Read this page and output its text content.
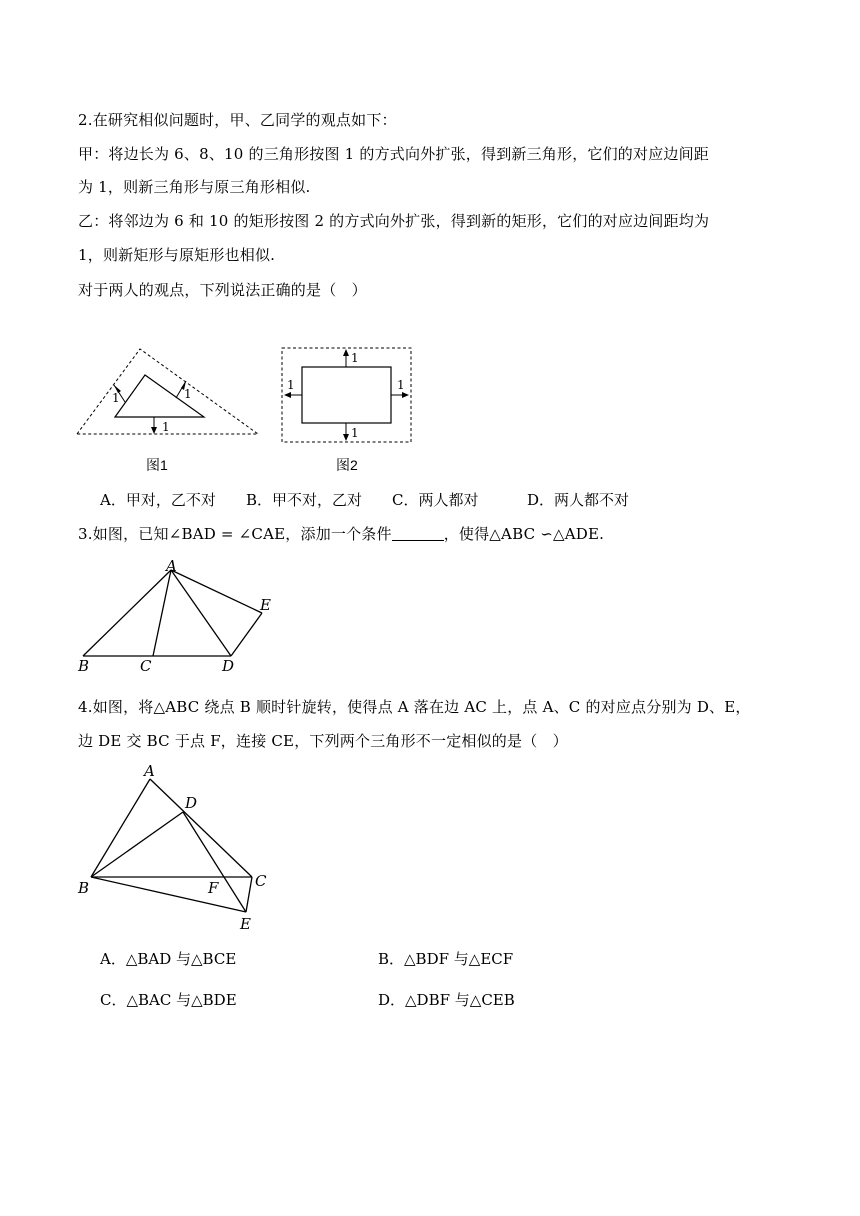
2.在研究相似问题时，甲、乙同学的观点如下：
甲：将边长为 6、8、10 的三角形按图 1 的方式向外扩张，得到新三角形，它们的对应边间距
为 1，则新三角形与原三角形相似.
乙：将邻边为 6 和 10 的矩形按图 2 的方式向外扩张，得到新的矩形，它们的对应边间距均为
1，则新矩形与原矩形也相似.
对于两人的观点，下列说法正确的是（　）
1	1
1
图1
1
1	1
1
图2
A．甲对，乙不对 B．甲不对，乙对 C．两人都对	D．两人都不对
3.如图，已知∠BAD = ∠CAE，添加一个条件	，使得△ABC ∽△ADE.
A
B	C	D
E
4.如图，将△ABC 绕点 B 顺时针旋转，使得点 A 落在边 AC 上，点 A、C 的对应点分别为 D、E，
边 DE 交 BC 于点 F，连接 CE，下列两个三角形不一定相似的是（　）
A
D
B	F C
E
A．△BAD 与△BCE	B．△BDF 与△ECF
C．△BAC 与△BDE	D．△DBF 与△CEB
